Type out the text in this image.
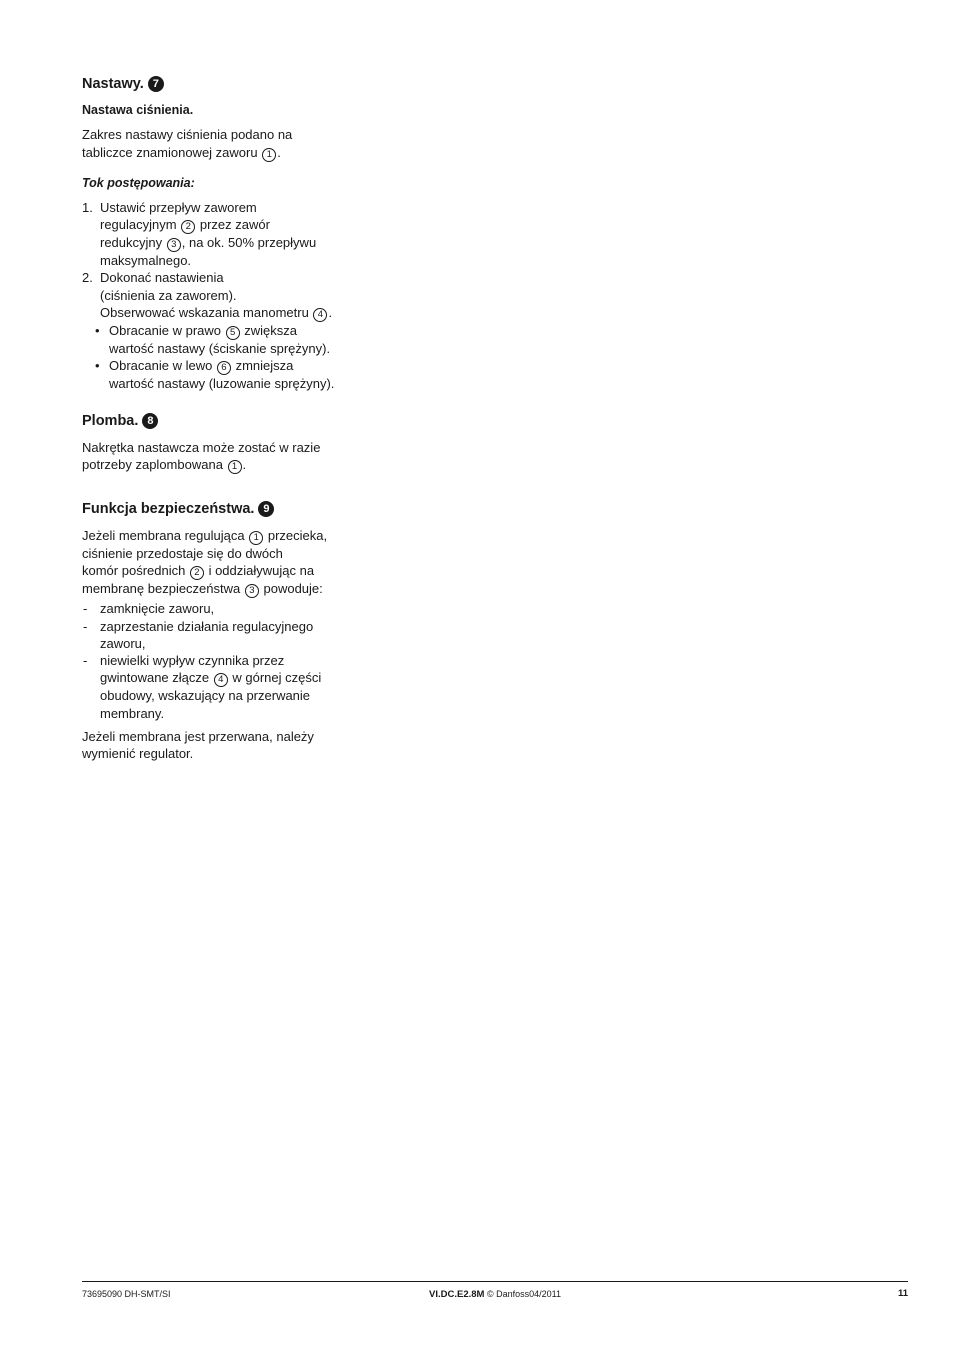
Nastawy. 7
Nastawa ciśnienia.

Zakres nastawy ciśnienia podano na
tabliczce znamionowej zaworu 1 .

Tok postępowania:
1. Ustawić przepływ zaworem
regulacyjnym 2 przez zawór
redukcyjny 3 , na ok. 50% przepływu
maksymalnego.
2. Dokonać nastawienia
(ciśnienia za zaworem).
Obserwować wskazania manometru 4 .
• Obracanie w prawo 5 zwiększa
wartość nastawy (ściskanie sprężyny).
• Obracanie w lewo 6 zmniejsza
wartość nastawy (luzowanie sprężyny).
Plomba. 8

Nakrętka nastawcza może zostać w razie
potrzeby zaplombowana 1 .

Funkcja bezpieczeństwa. 9

Jeżeli membrana regulująca 1 przecieka,
ciśnienie przedostaje się do dwóch
komór pośrednich 2 i oddziaływując na
membranę bezpieczeństwa 3 powoduje:

- zamknięcie zaworu,
- zaprzestanie działania regulacyjnego
zaworu,
- niewielki wypływ czynnika przez
gwintowane złącze 4 w górnej części
obudowy, wskazujący na przerwanie
membrany.

Jeżeli membrana jest przerwana, należy
wymienić regulator.

73695090 DH-SMT/SI	VI.DC.E2.8M © Danfoss04/2011	11
